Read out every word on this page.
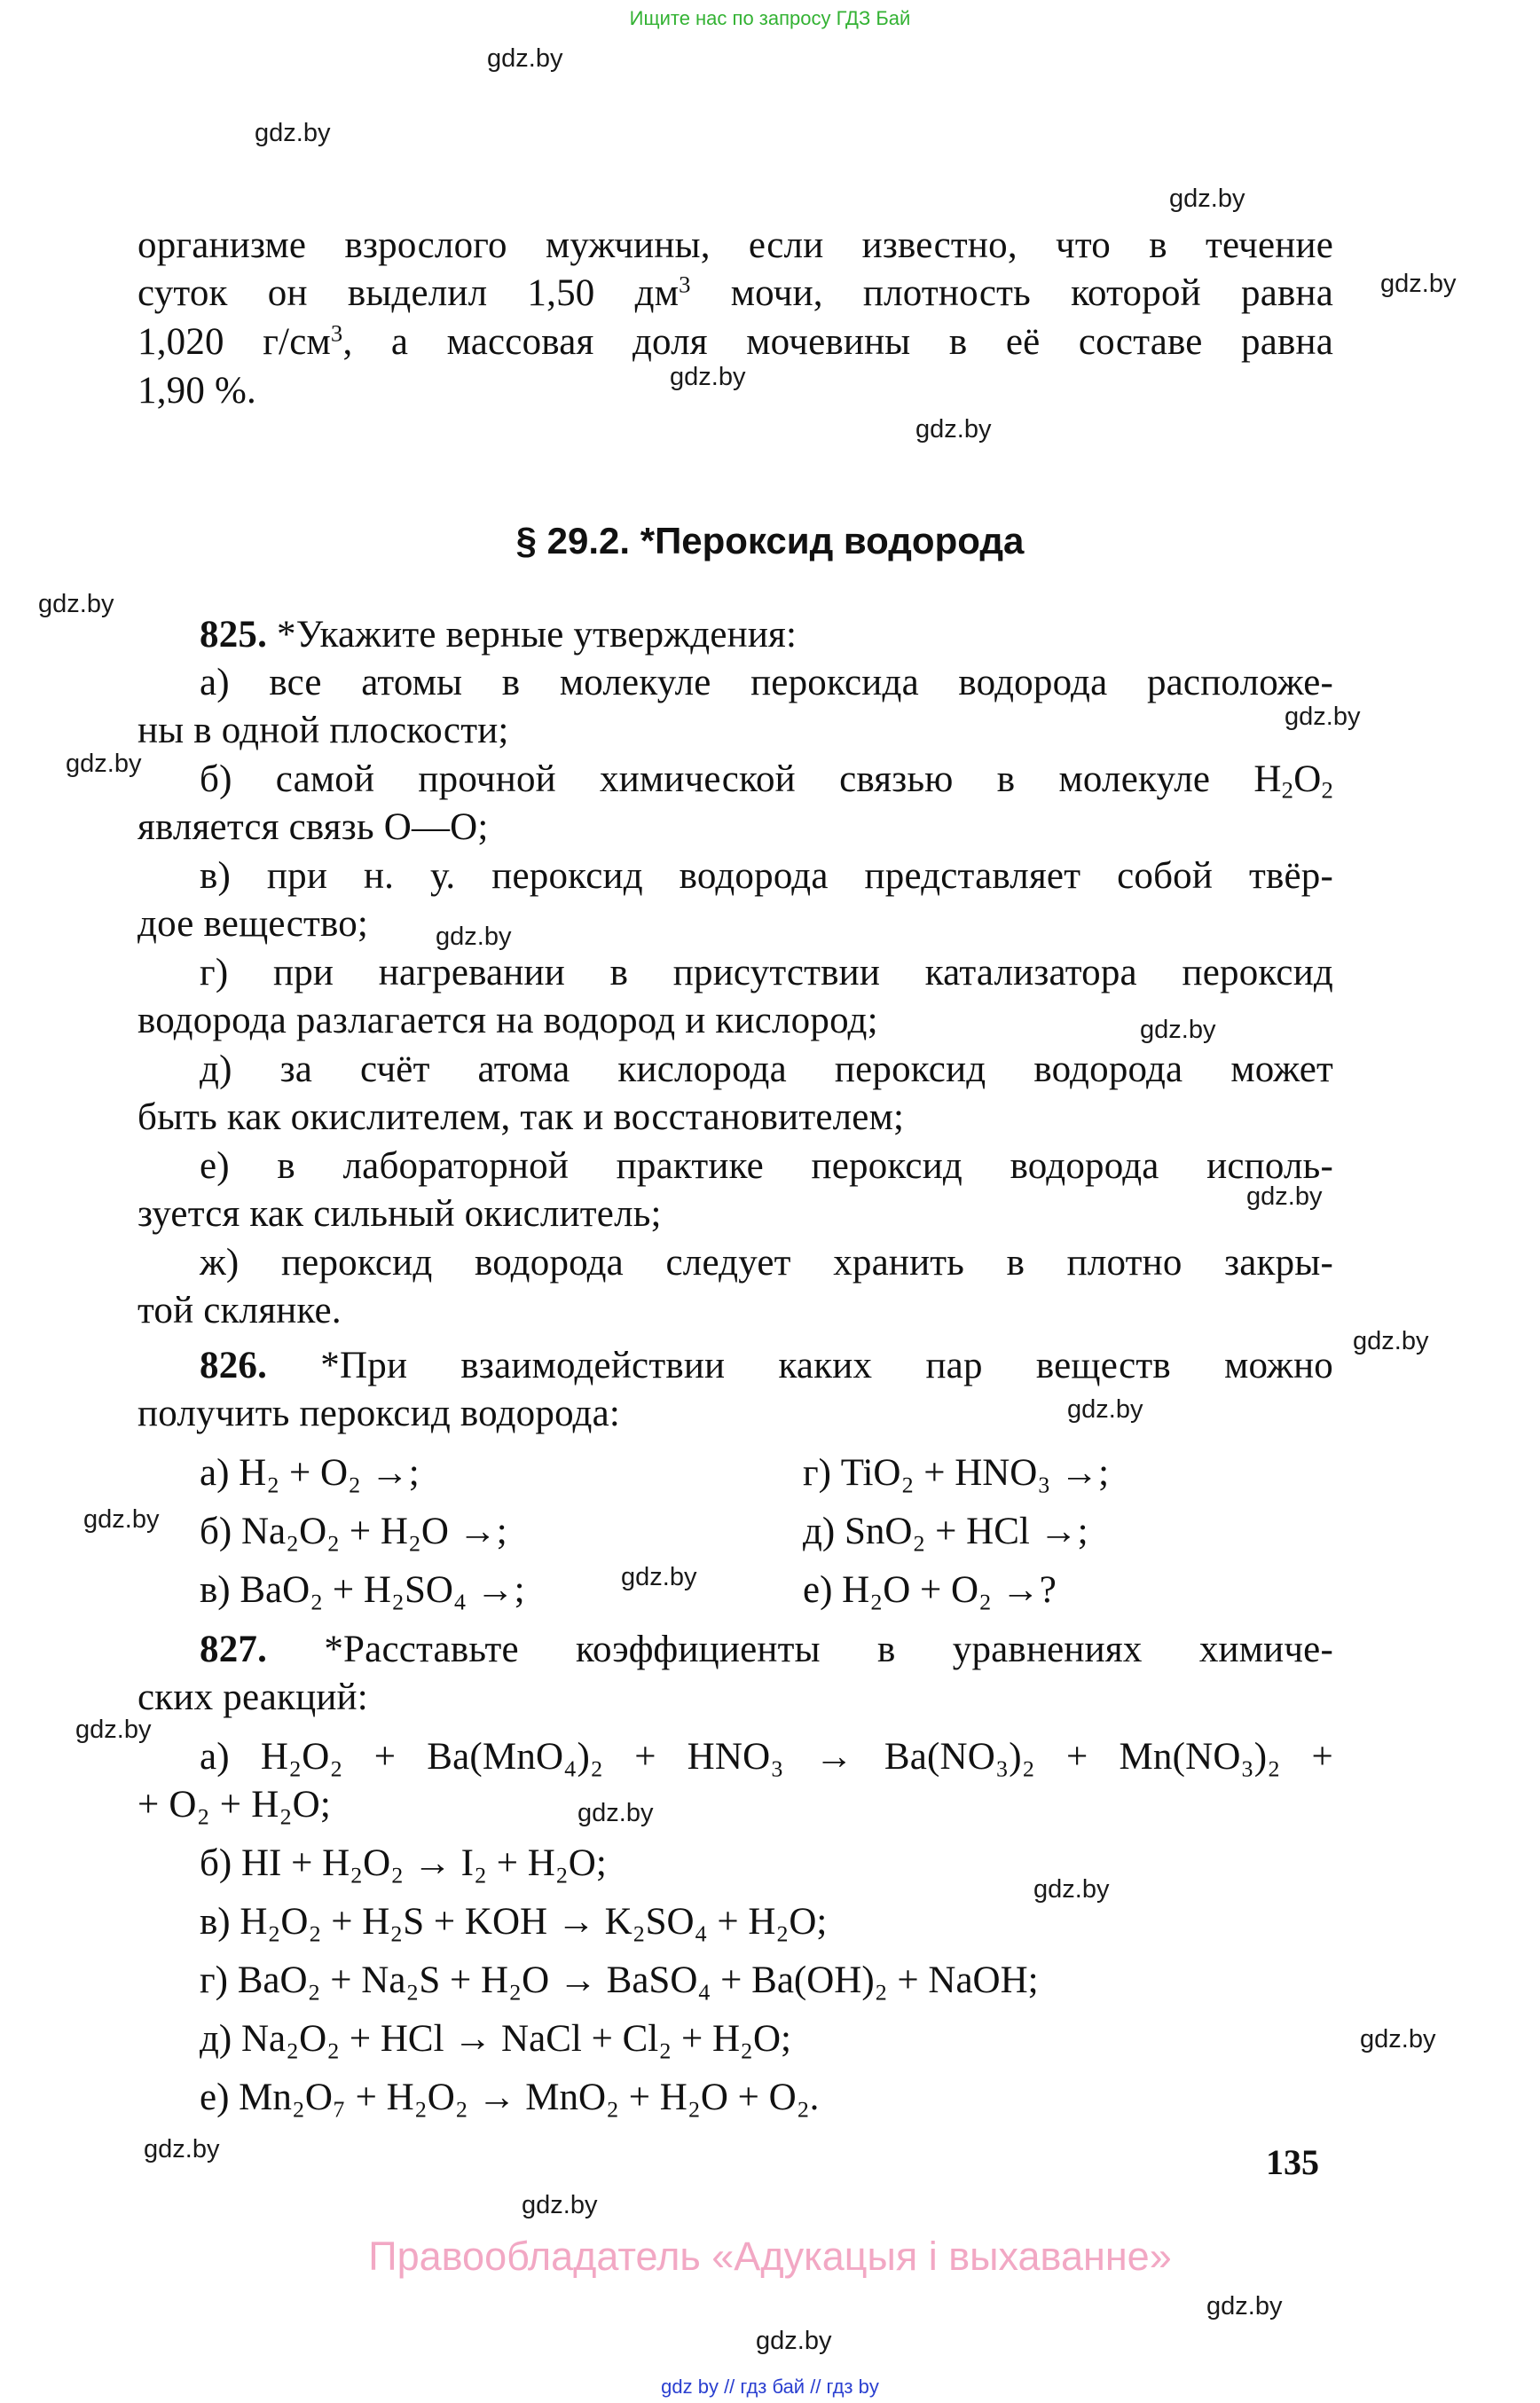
Ищите нас по запросу ГДЗ Бай
gdz.by
gdz.by
gdz.by
gdz.by
gdz.by
gdz.by
gdz.by
gdz.by
gdz.by
gdz.by
gdz.by
gdz.by
gdz.by
gdz.by
gdz.by
gdz.by
gdz.by
gdz.by
gdz.by
gdz.by
gdz.by
gdz.by
gdz.by
gdz.by
организме взрослого мужчины, если известно, что в течение
суток он выделил 1,50 $дм^3$ мочи, плотность которой равна
1,020 $г/см^3$, а массовая доля мочевины в её составе равна
1,90 %.
§ 29.2. *Пероксид водорода
825. *Укажите верные утверждения:
а) все атомы в молекуле пероксида водорода расположе-
ны в одной плоскости;
б) самой прочной химической связью в молекуле $H_2O_2$
является связь O—O;
в) при н. у. пероксид водорода представляет собой твёр-
дое вещество;
г) при нагревании в присутствии катализатора пероксид
водорода разлагается на водород и кислород;
д) за счёт атома кислорода пероксид водорода может
быть как окислителем, так и восстановителем;
е) в лабораторной практике пероксид водорода исполь-
зуется как сильный окислитель;
ж) пероксид водорода следует хранить в плотно закры-
той склянке.
826. *При взаимодействии каких пар веществ можно
получить пероксид водорода:
а) H₂ + O₂ →;
б) Na₂O₂ + H₂O →;
в) BaO₂ + H₂SO₄ →;
г) TiO₂ + HNO₃ →;
д) SnO₂ + HCl →;
е) H₂O + O₂ →?
827. *Расставьте коэффициенты в уравнениях химиче-
ских реакций:
а) H₂O₂ + Ba(MnO₄)₂ + HNO₃ → Ba(NO₃)₂ + Mn(NO₃)₂ +
+ O₂ + H₂O;
б) HI + H₂O₂ → I₂ + H₂O;
в) H₂O₂ + H₂S + KOH → K₂SO₄ + H₂O;
г) BaO₂ + Na₂S + H₂O → BaSO₄ + Ba(OH)₂ + NaOH;
д) Na₂O₂ + HCl → NaCl + Cl₂ + H₂O;
е) Mn₂O₇ + H₂O₂ → MnO₂ + H₂O + O₂.
135
Правообладатель «Адукацыя і выхаванне»
gdz by // гдз бай // гдз by
